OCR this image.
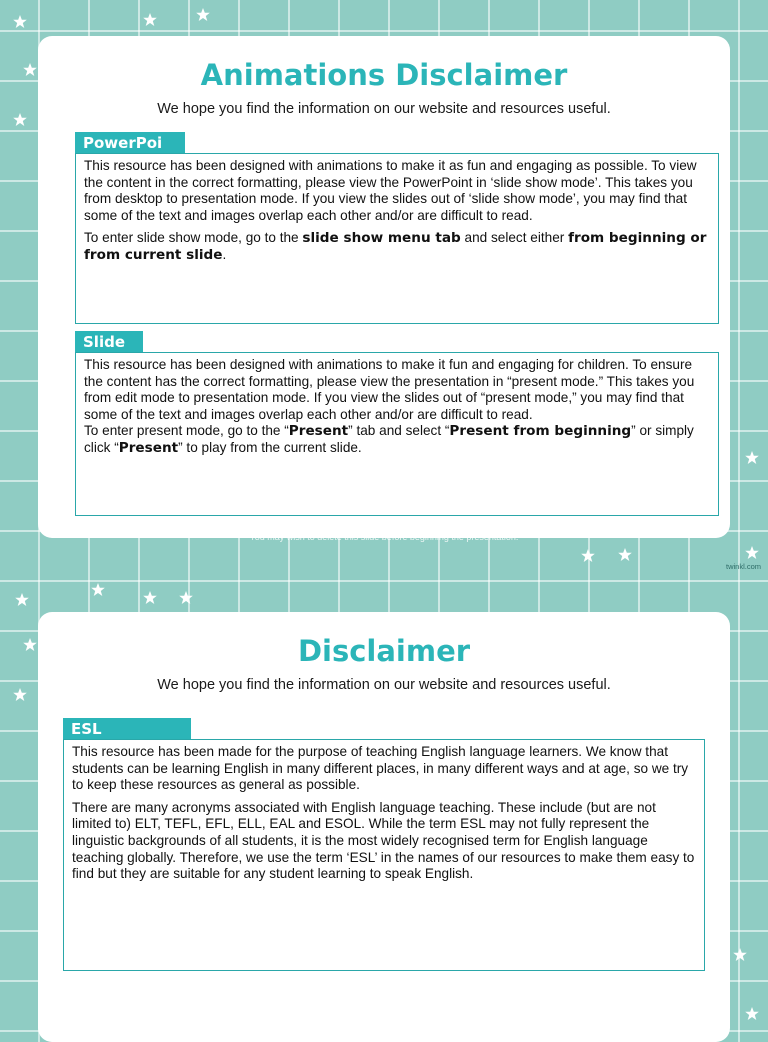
Animations Disclaimer
We hope you find the information on our website and resources useful.
PowerPoi

This resource has been designed with animations to make it as fun and engaging as possible. To view the content in the correct formatting, please view the PowerPoint in ‘slide show mode’. This takes you from desktop to presentation mode. If you view the slides out of ‘slide show mode’, you may find that some of the text and images overlap each other and/or are difficult to read.

To enter slide show mode, go to the slide show menu tab and select either from beginning or from current slide.

Slide

This resource has been designed with animations to make it fun and engaging for children. To ensure the content has the correct formatting, please view the presentation in “present mode.” This takes you from edit mode to presentation mode. If you view the slides out of “present mode,” you may find that some of the text and images overlap each other and/or are difficult to read.

To enter present mode, go to the “Present” tab and select “Present from beginning” or simply click “Present” to play from the current slide.

You may wish to delete this slide before beginning the presentation.
twinkl.com
Disclaimer
We hope you find the information on our website and resources useful.
ESL

This resource has been made for the purpose of teaching English language learners. We know that students can be learning English in many different places, in many different ways and at age, so we try to keep these resources as general as possible.

There are many acronyms associated with English language teaching. These include (but are not limited to) ELT, TEFL, EFL, ELL, EAL and ESOL. While the term ESL may not fully represent the linguistic backgrounds of all students, it is the most widely recognised term for English language teaching globally. Therefore, we use the term ‘ESL’ in the names of our resources to make them easy to find but they are suitable for any student learning to speak English.
